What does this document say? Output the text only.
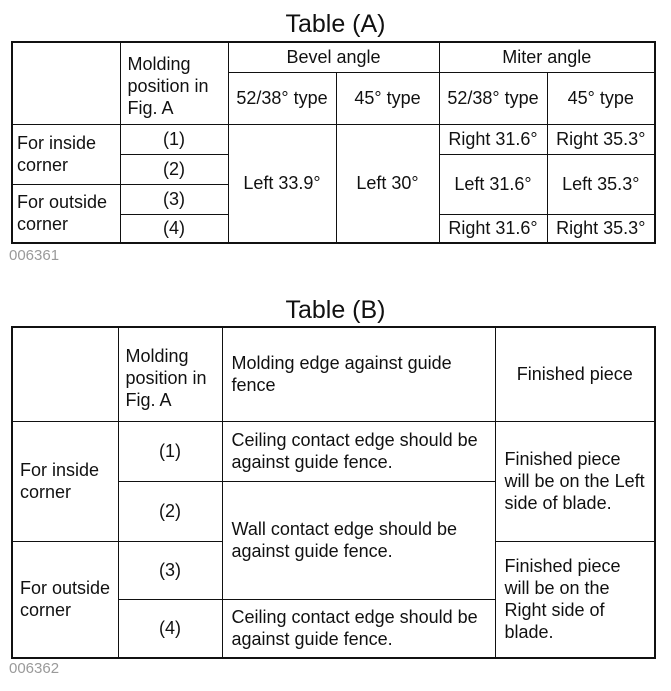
Table (A)
	Molding position in Fig. A	Bevel angle		Miter angle	
		52/38° type	45° type	52/38° type	45° type
For inside corner	(1)	Left 33.9°	Left 30°	Right 31.6°	Right 35.3°
	(2)			Left 31.6°	Left 35.3°
For outside corner	(3)				
	(4)			Right 31.6°	Right 35.3°
006361
Table (B)
	Molding position in Fig. A	Molding edge against guide fence	Finished piece
For inside corner	(1)	Ceiling contact edge should be against guide fence.	Finished piece will be on the Left side of blade.
	(2)	Wall contact edge should be against guide fence.	
For outside corner	(3)		Finished piece will be on the Right side of blade.
	(4)	Ceiling contact edge should be against guide fence.	
006362
